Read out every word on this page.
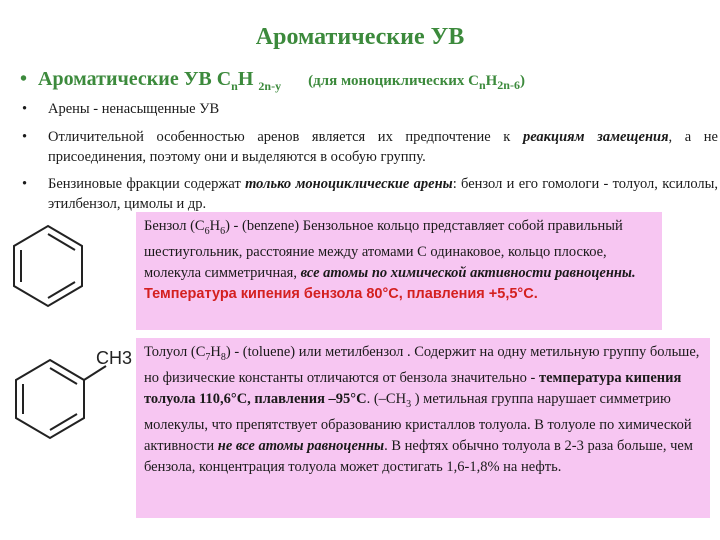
Ароматические УВ
• Ароматические УВ $С_nН$ $_{2n-y}$ (для моноциклических $С_nН_{2n-6}$)
• Арены - ненасыщенные УВ
• Отличительной особенностью аренов является их предпочтение к реакциям замещения, а не присоединения, поэтому они и выделяются в особую группу.
• Бензиновые фракции содержат только моноциклические арены: бензол и его гомологи - толуол, ксилолы, этилбензол, цимолы и др.
Бензол $(С_6Н_6)$ - (benzene) Бензольное кольцо представляет собой правильный шестиугольник, расстояние между атомами С одинаковое, кольцо плоское, молекула симметричная, все атомы по химической активности равноценны.
Температура кипения бензола 80°С, плавления +5,5°С.
CH3 Толуол $(С_7Н_8)$ - (toluene) или метилбензол . Содержит на одну метильную группу больше, но физические константы отличаются от бензола значительно - температура кипения толуола 110,6°С, плавления –95°С. ($-СН_3$ ) метильная группа нарушает симметрию молекулы, что препятствует образованию кристаллов толуола. В толуоле по химической активности не все атомы равноценны. В нефтях обычно толуола в 2-3 раза больше, чем бензола, концентрация толуола может достигать 1,6-1,8% на нефть.
